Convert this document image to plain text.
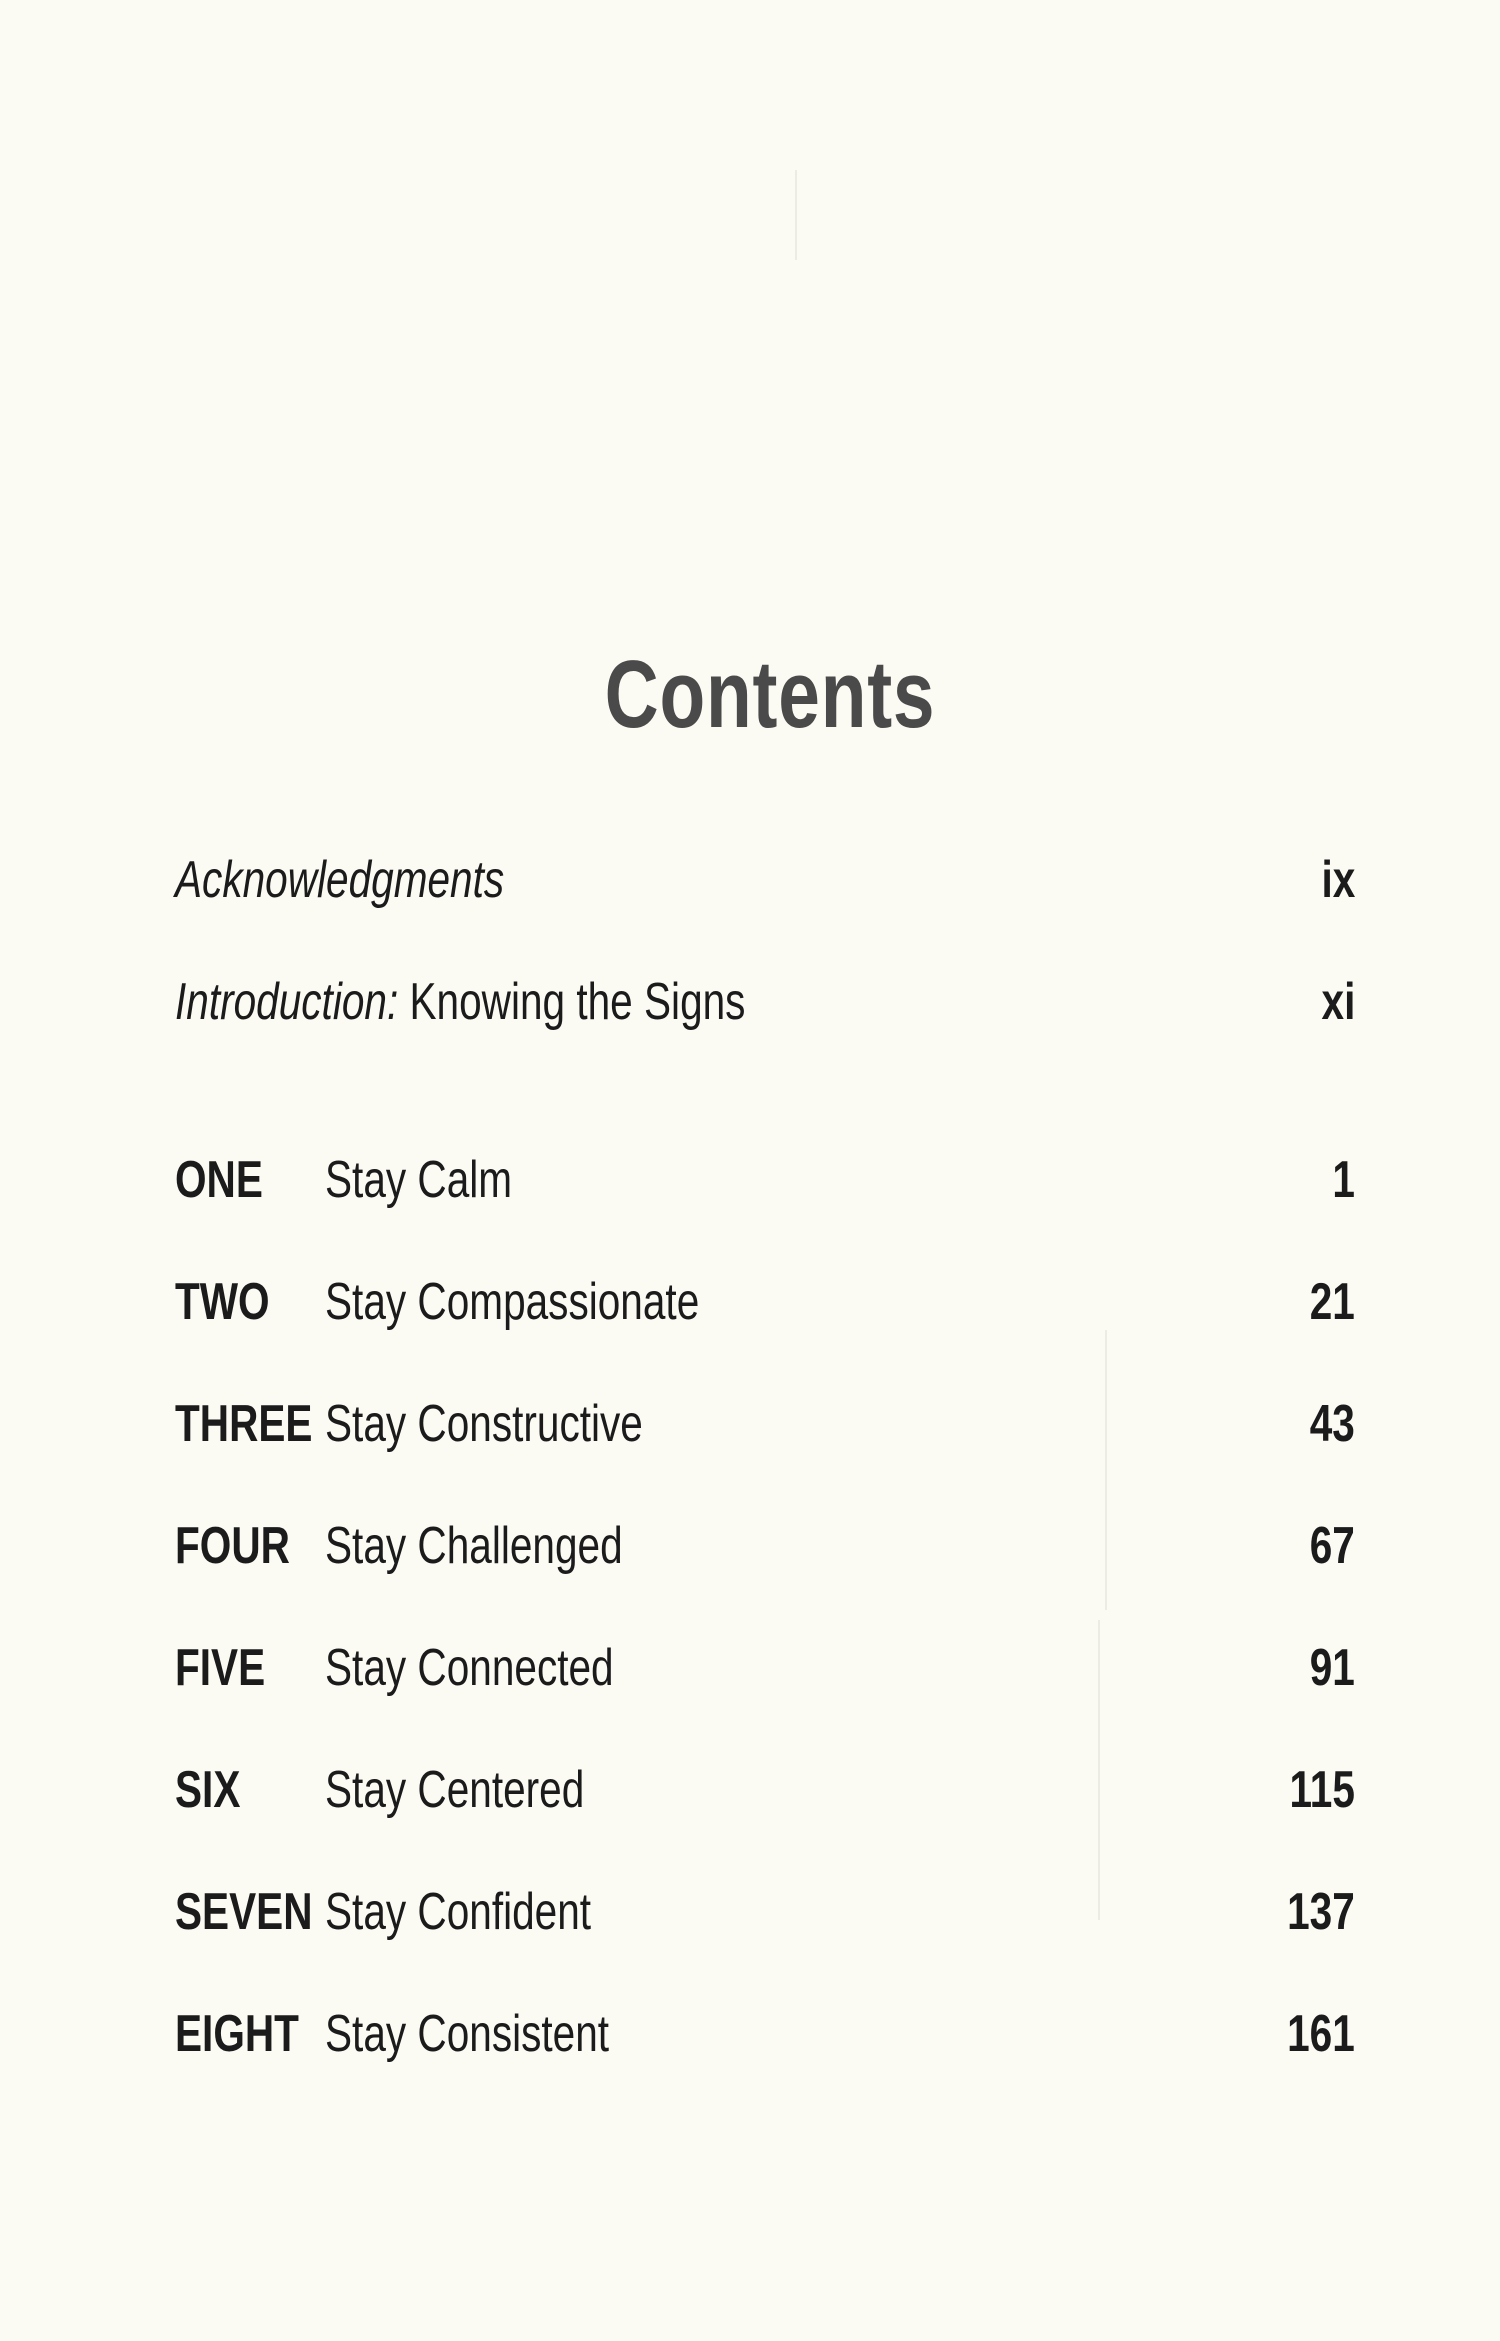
Contents
Acknowledgments	ix
Introduction: Knowing the Signs	xi
ONE Stay Calm	1
TWO Stay Compassionate	21
THREE Stay Constructive	43
FOUR Stay Challenged	67
FIVE Stay Connected	91
SIX Stay Centered	115
SEVEN Stay Confident	137
EIGHT Stay Consistent	161
